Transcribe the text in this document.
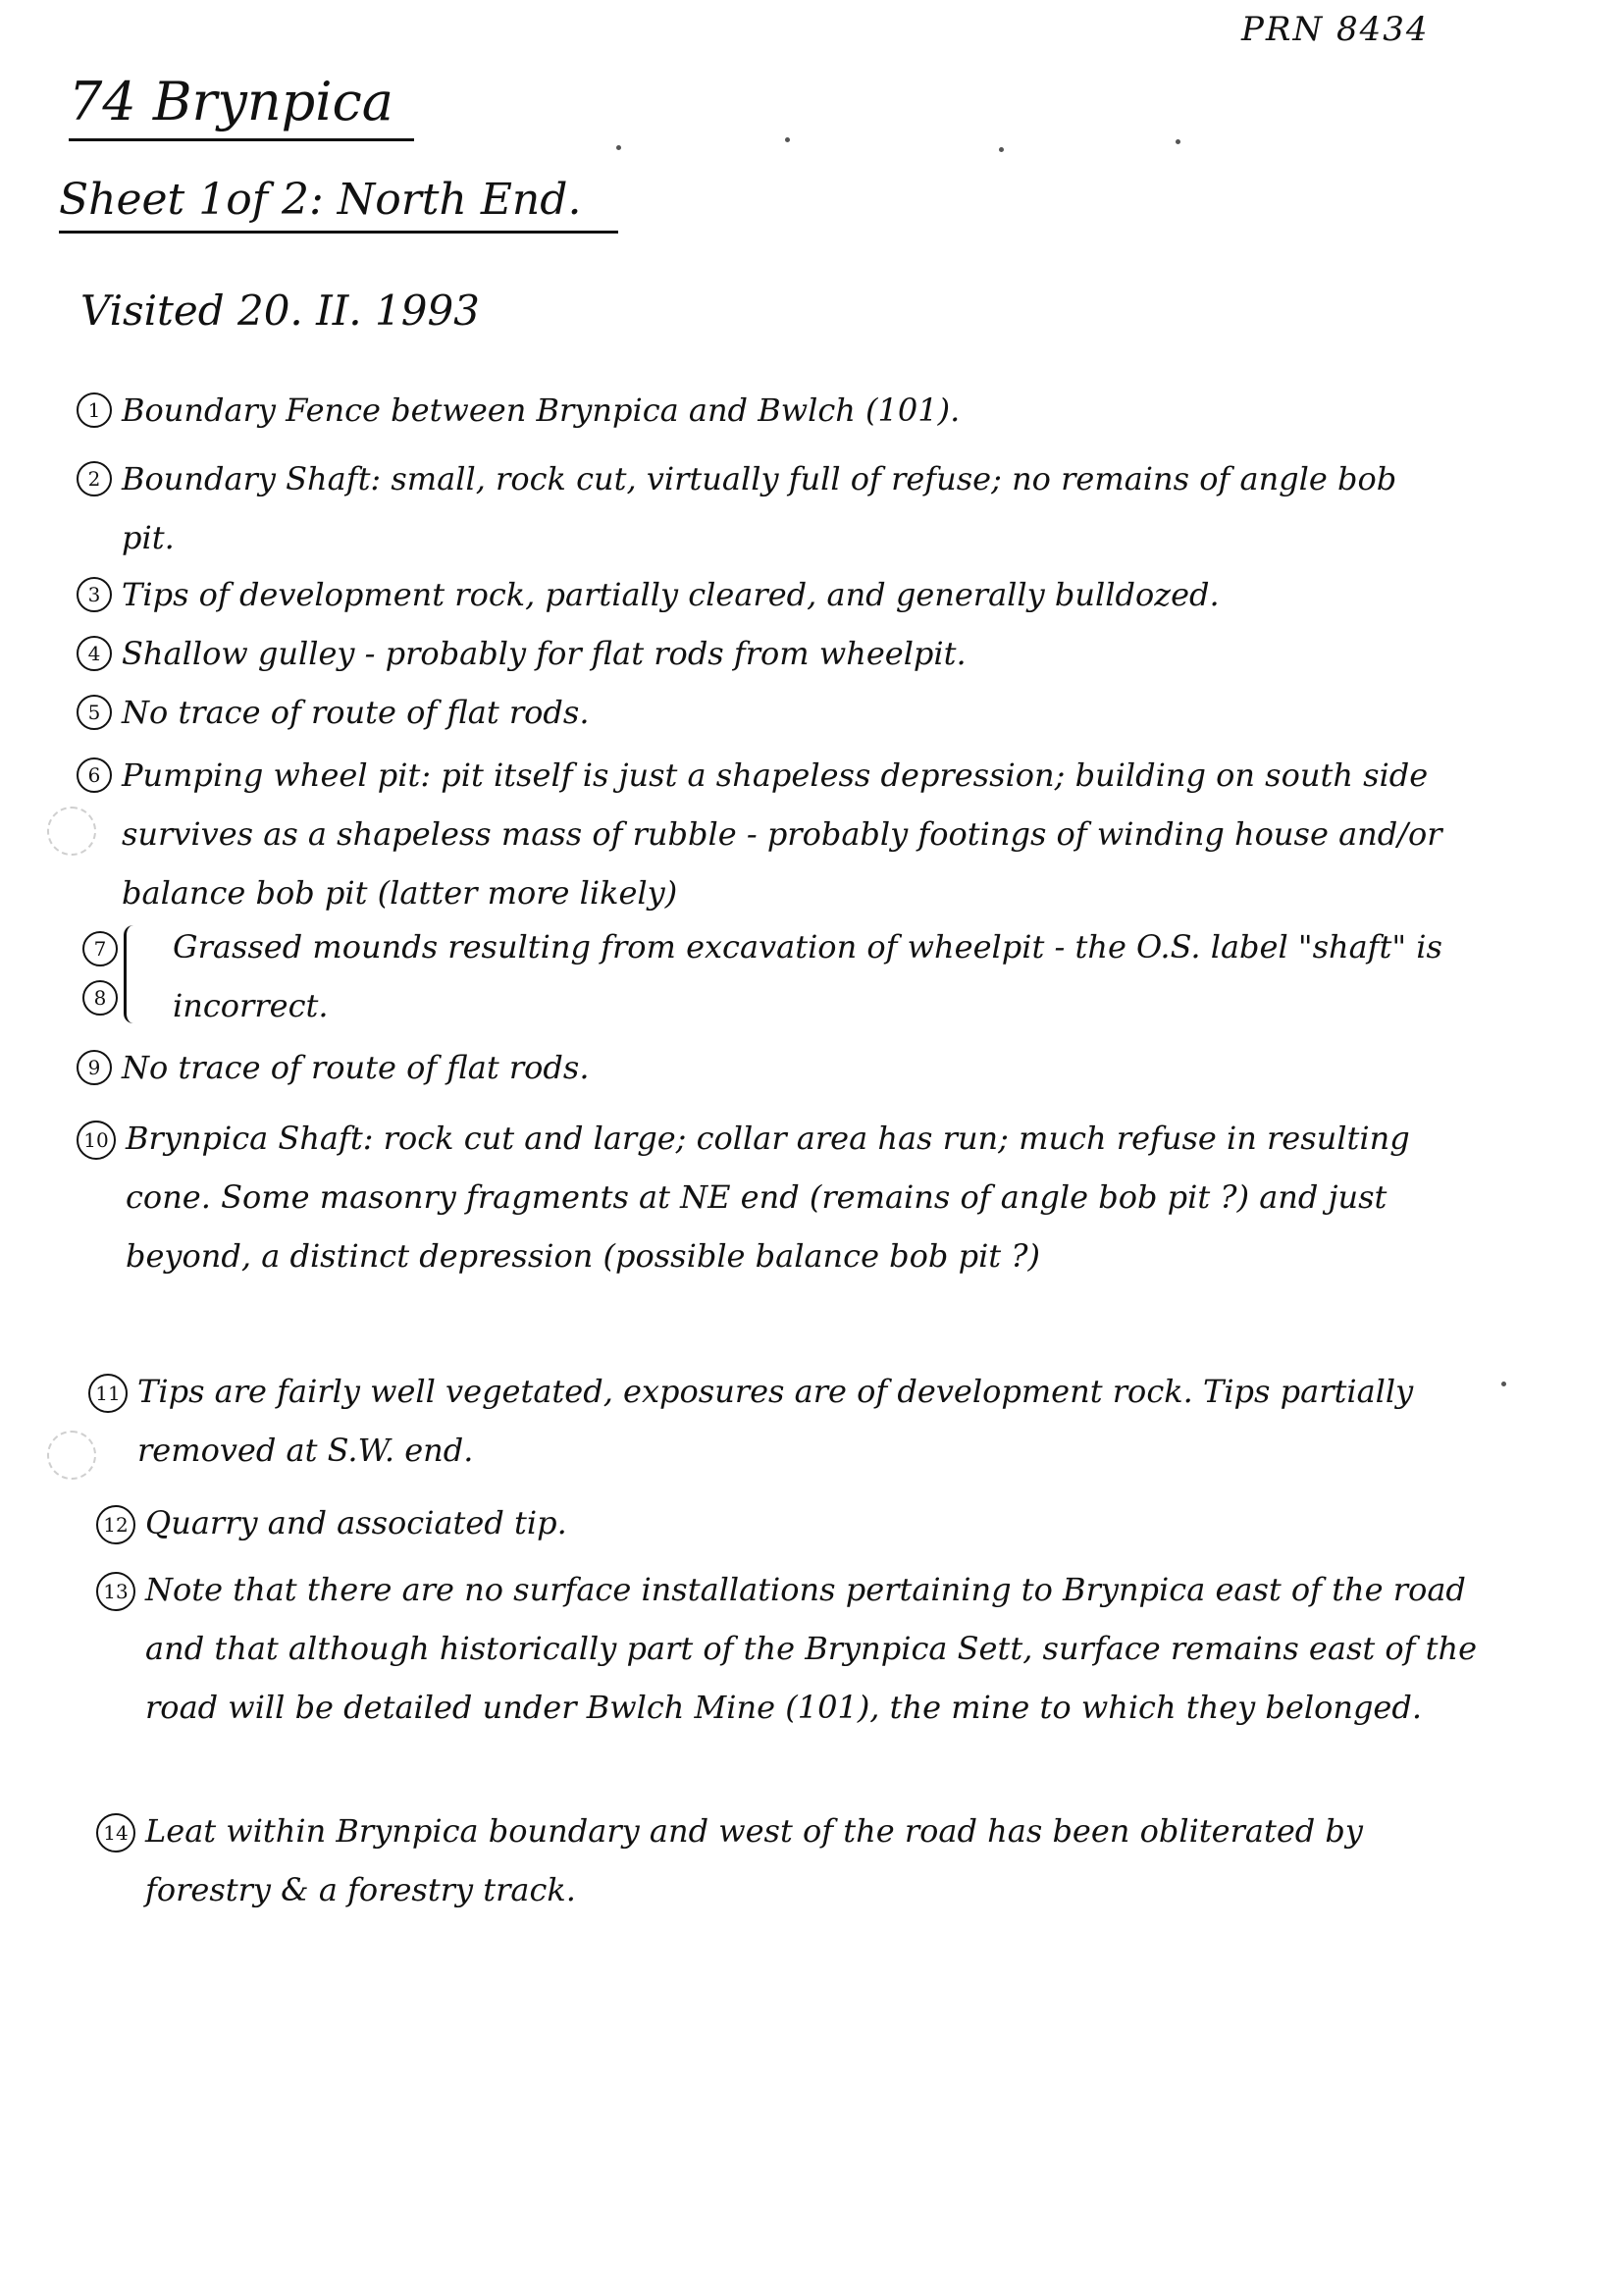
PRN 8434
74 Brynpica
Sheet 1of 2: North End.
Visited 20. II. 1993
1 Boundary Fence between Brynpica and Bwlch (101).
2 Boundary Shaft: small, rock cut, virtually full of refuse; no remains of angle bob pit.
3 Tips of development rock, partially cleared, and generally bulldozed.
4 Shallow gulley - probably for flat rods from wheelpit.
5 No trace of route of flat rods.
6 Pumping wheel pit: pit itself is just a shapeless depression; building on south side survives as a shapeless mass of rubble - probably footings of winding house and/or balance bob pit (latter more likely)
7
8
Grassed mounds resulting from excavation of wheelpit - the O.S. label "shaft" is incorrect.
9 No trace of route of flat rods.
10 Brynpica Shaft: rock cut and large; collar area has run; much refuse in resulting cone. Some masonry fragments at NE end (remains of angle bob pit ?) and just beyond, a distinct depression (possible balance bob pit ?)
11 Tips are fairly well vegetated, exposures are of development rock. Tips partially removed at S.W. end.
12 Quarry and associated tip.
13 Note that there are no surface installations pertaining to Brynpica east of the road and that although historically part of the Brynpica Sett, surface remains east of the road will be detailed under Bwlch Mine (101), the mine to which they belonged.
14 Leat within Brynpica boundary and west of the road has been obliterated by forestry & a forestry track.
